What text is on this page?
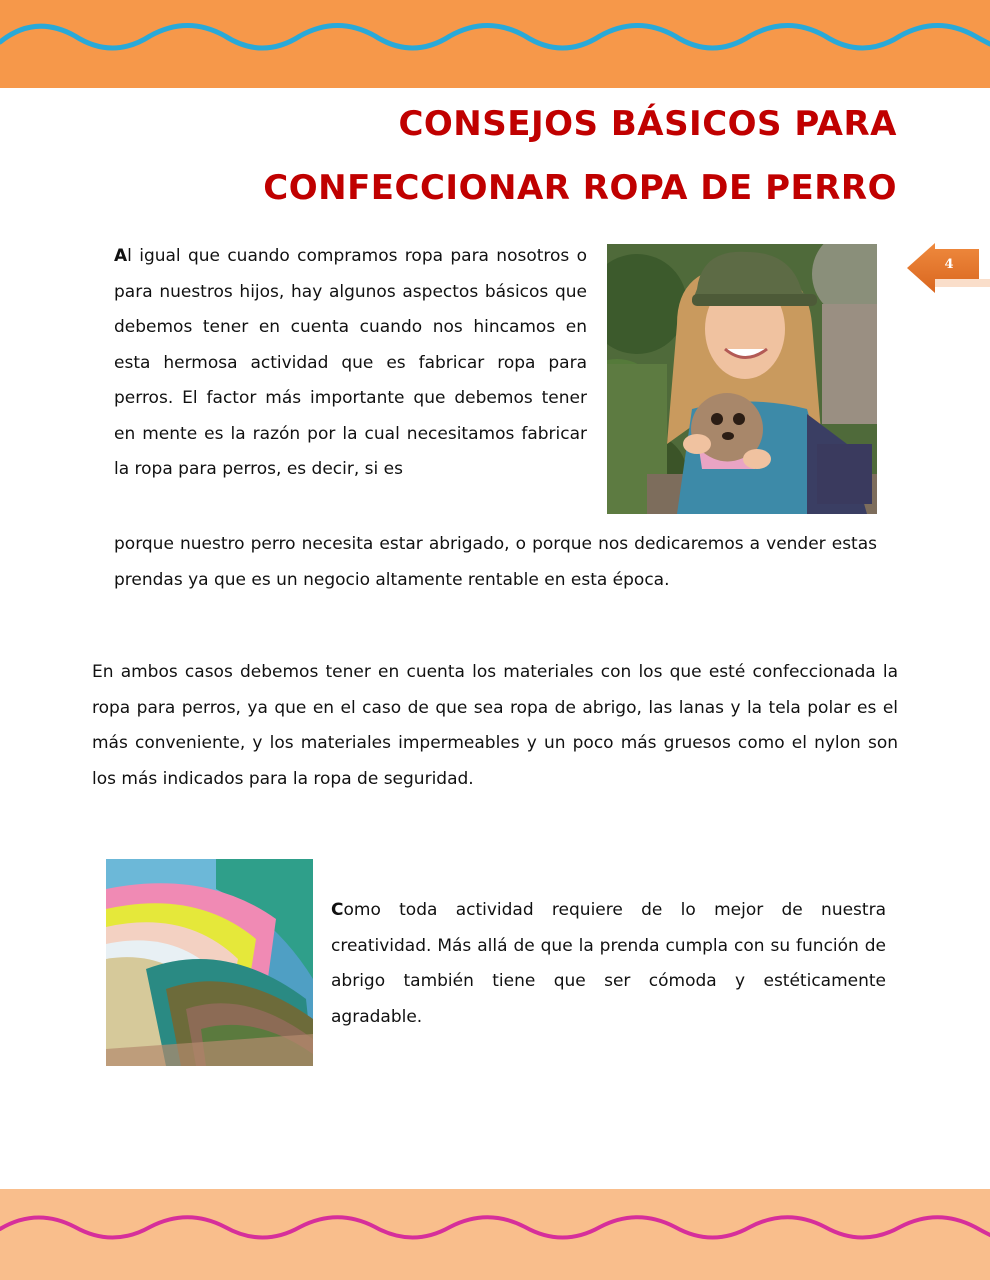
CONSEJOS BÁSICOS PARA
CONFECCIONAR ROPA DE PERRO
4

Al igual que cuando compramos ropa para nosotros o para nuestros hijos, hay algunos aspectos básicos que debemos tener en cuenta cuando nos hincamos en esta hermosa actividad que es fabricar ropa para perros. El factor más importante que debemos tener en mente es la razón por la cual necesitamos fabricar la ropa para perros, es decir, si es

porque nuestro perro necesita estar abrigado, o porque nos dedicaremos a vender estas prendas ya que es un negocio altamente rentable en esta época.

En ambos casos debemos tener en cuenta los materiales con los que esté confeccionada la ropa para perros, ya que en el caso de que sea ropa de abrigo, las lanas y la tela polar es el más conveniente, y los materiales impermeables y un poco más gruesos como el nylon son los más indicados para la ropa de seguridad.

Como toda actividad requiere de lo mejor de nuestra creatividad. Más allá de que la prenda cumpla con su función de abrigo también tiene que ser cómoda y estéticamente agradable.
